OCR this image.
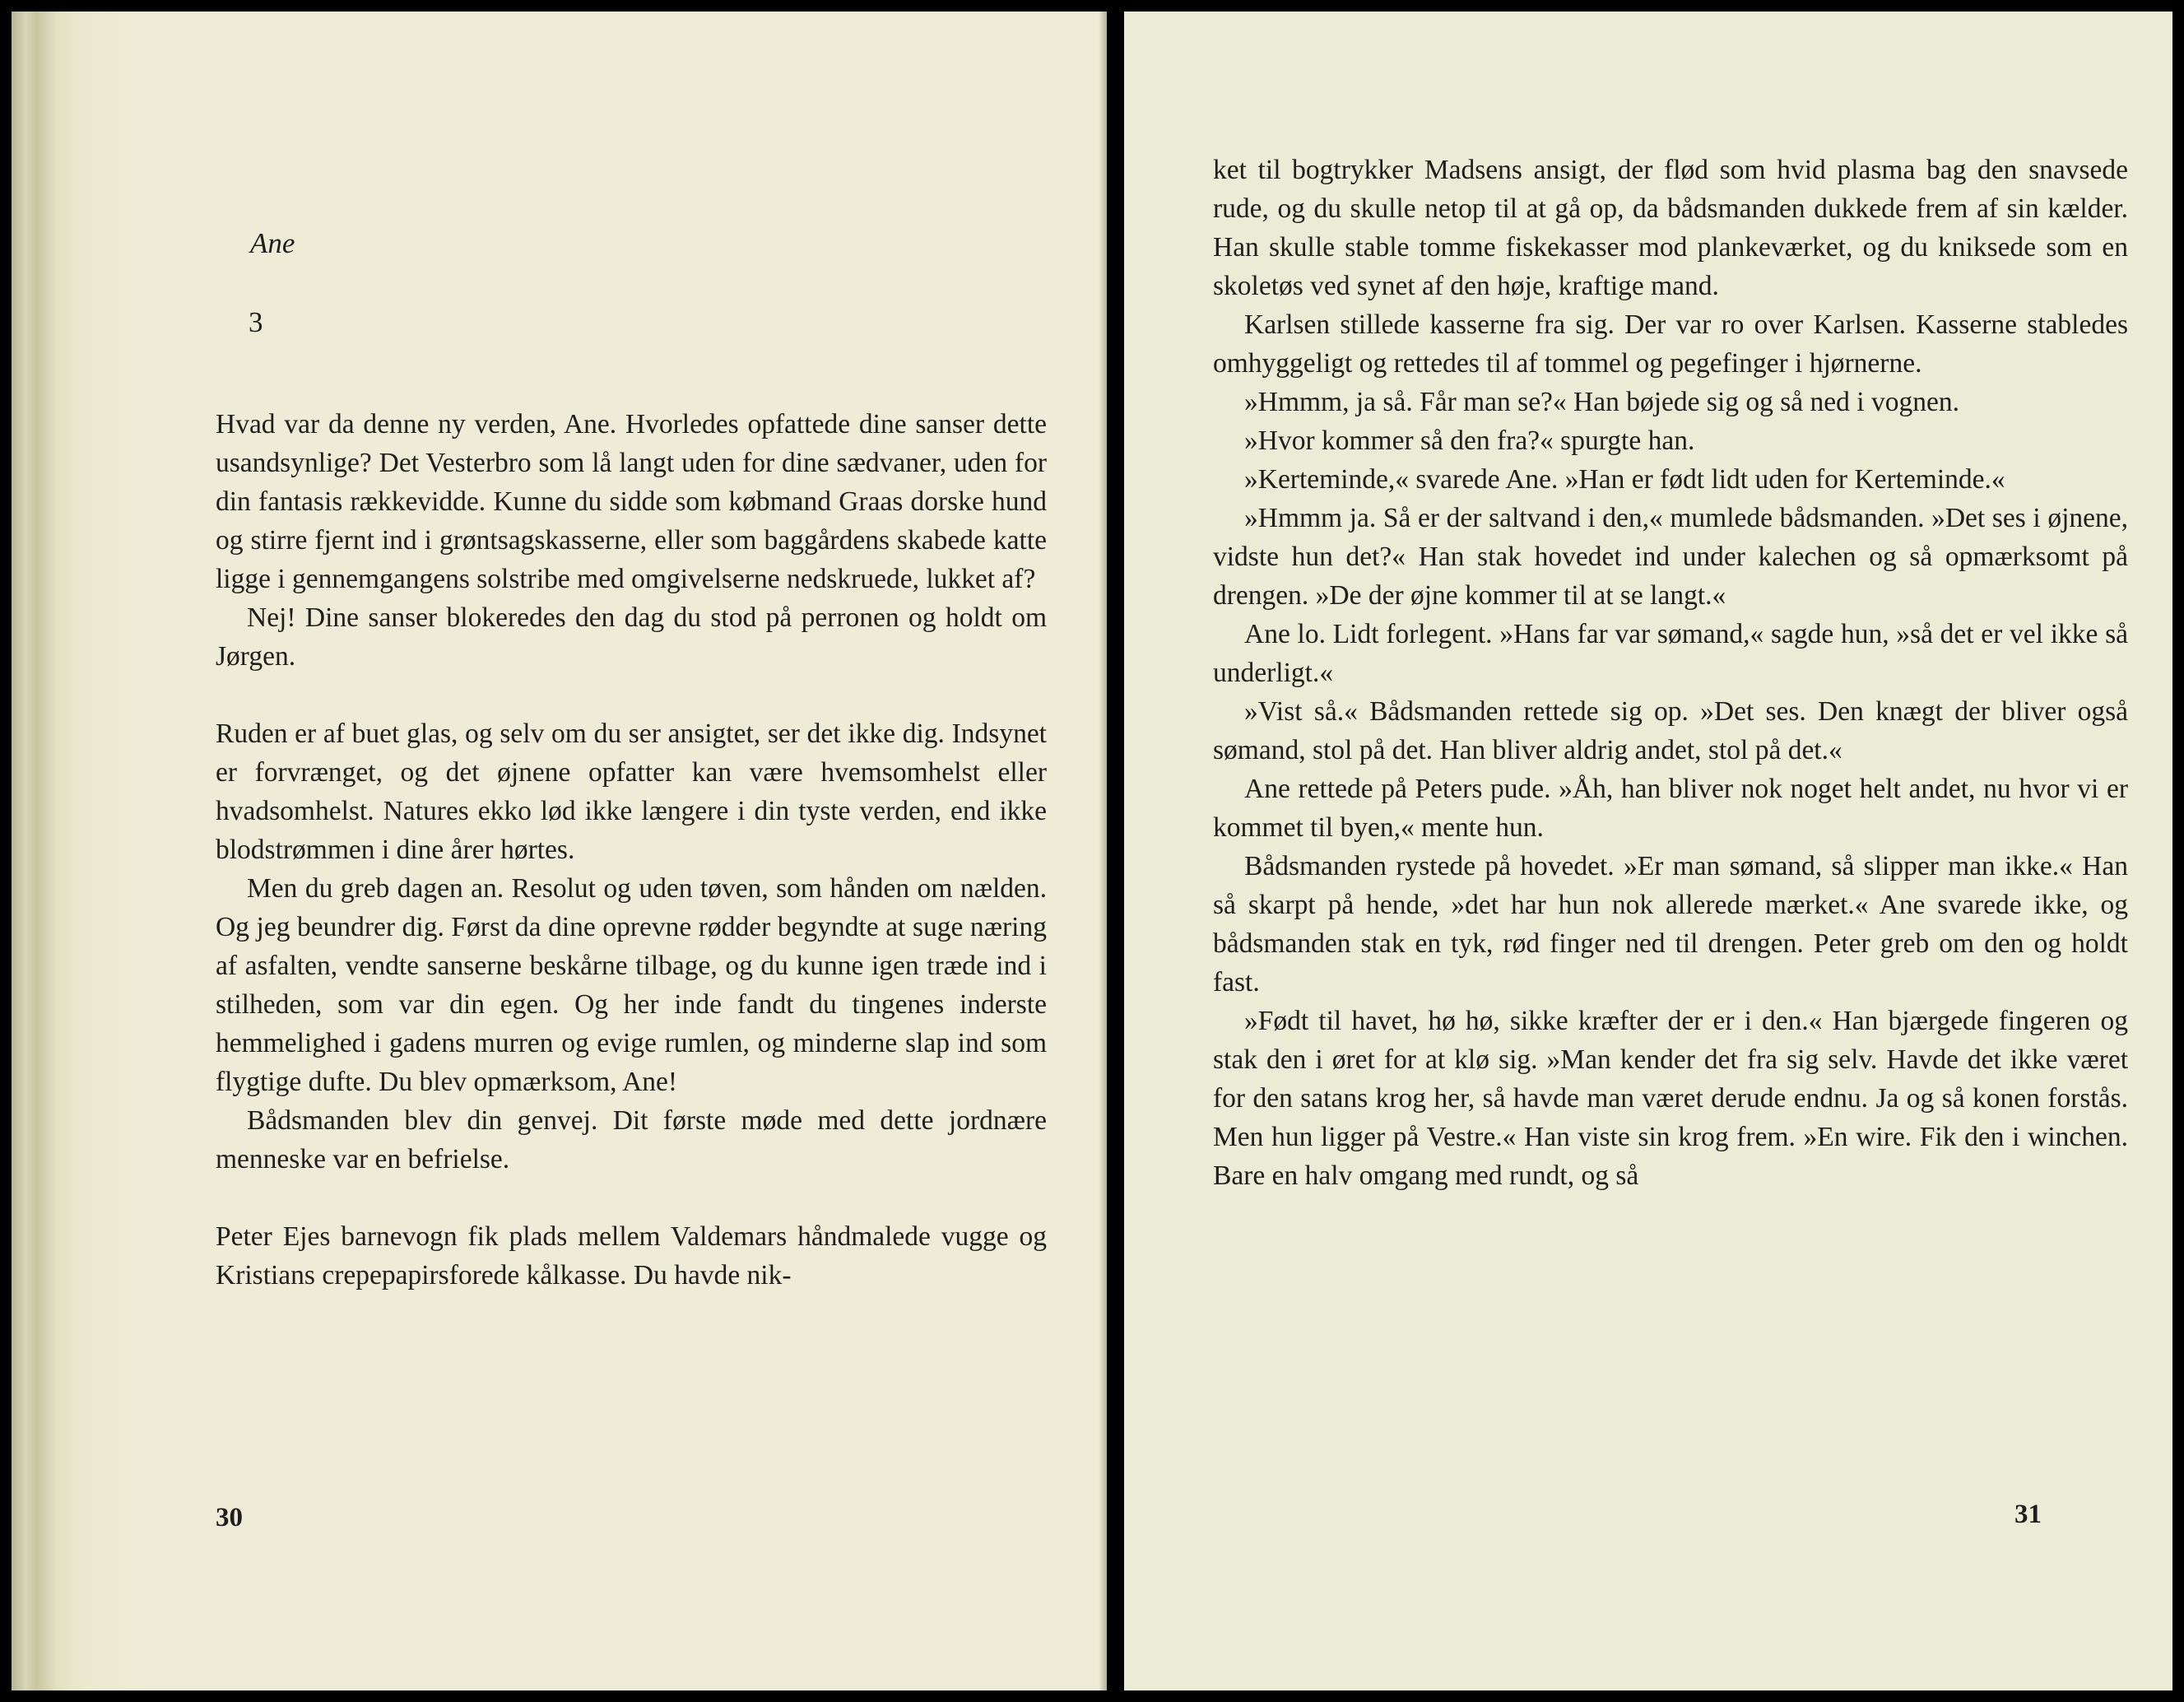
Ane
3

Hvad var da denne ny verden, Ane. Hvorledes opfattede dine sanser dette usandsynlige? Det Vesterbro som lå langt uden for dine sædvaner, uden for din fantasis rækkevidde. Kunne du sidde som købmand Graas dorske hund og stirre fjernt ind i grøntsagskasserne, eller som baggårdens skabede katte ligge i gennemgangens solstribe med omgivelserne nedskruede, lukket af?

Nej! Dine sanser blokeredes den dag du stod på perronen og holdt om Jørgen.

Ruden er af buet glas, og selv om du ser ansigtet, ser det ikke dig. Indsynet er forvrænget, og det øjnene opfatter kan være hvemsomhelst eller hvadsomhelst. Natures ekko lød ikke længere i din tyste verden, end ikke blodstrømmen i dine årer hørtes.

Men du greb dagen an. Resolut og uden tøven, som hånden om nælden. Og jeg beundrer dig. Først da dine oprevne rødder begyndte at suge næring af asfalten, vendte sanserne beskårne tilbage, og du kunne igen træde ind i stilheden, som var din egen. Og her inde fandt du tingenes inderste hemmelighed i gadens murren og evige rumlen, og minderne slap ind som flygtige dufte. Du blev opmærksom, Ane!

Bådsmanden blev din genvej. Dit første møde med dette jordnære menneske var en befrielse.

Peter Ejes barnevogn fik plads mellem Valdemars håndmalede vugge og Kristians crepepapirsforede kålkasse. Du havde nik-

30

ket til bogtrykker Madsens ansigt, der flød som hvid plasma bag den snavsede rude, og du skulle netop til at gå op, da bådsmanden dukkede frem af sin kælder. Han skulle stable tomme fiskekasser mod plankeværket, og du kniksede som en skoletøs ved synet af den høje, kraftige mand.

Karlsen stillede kasserne fra sig. Der var ro over Karlsen. Kasserne stabledes omhyggeligt og rettedes til af tommel og pegefinger i hjørnerne.

»Hmmm, ja så. Får man se?« Han bøjede sig og så ned i vognen.

»Hvor kommer så den fra?« spurgte han.

»Kerteminde,« svarede Ane. »Han er født lidt uden for Kerteminde.«

»Hmmm ja. Så er der saltvand i den,« mumlede bådsmanden. »Det ses i øjnene, vidste hun det?« Han stak hovedet ind under kalechen og så opmærksomt på drengen. »De der øjne kommer til at se langt.«

Ane lo. Lidt forlegent. »Hans far var sømand,« sagde hun, »så det er vel ikke så underligt.«

»Vist så.« Bådsmanden rettede sig op. »Det ses. Den knægt der bliver også sømand, stol på det. Han bliver aldrig andet, stol på det.«

Ane rettede på Peters pude. »Åh, han bliver nok noget helt andet, nu hvor vi er kommet til byen,« mente hun.

Bådsmanden rystede på hovedet. »Er man sømand, så slipper man ikke.« Han så skarpt på hende, »det har hun nok allerede mærket.« Ane svarede ikke, og bådsmanden stak en tyk, rød finger ned til drengen. Peter greb om den og holdt fast.

»Født til havet, hø hø, sikke kræfter der er i den.« Han bjærgede fingeren og stak den i øret for at klø sig. »Man kender det fra sig selv. Havde det ikke været for den satans krog her, så havde man været derude endnu. Ja og så konen forstås. Men hun ligger på Vestre.« Han viste sin krog frem. »En wire. Fik den i winchen. Bare en halv omgang med rundt, og så

31
